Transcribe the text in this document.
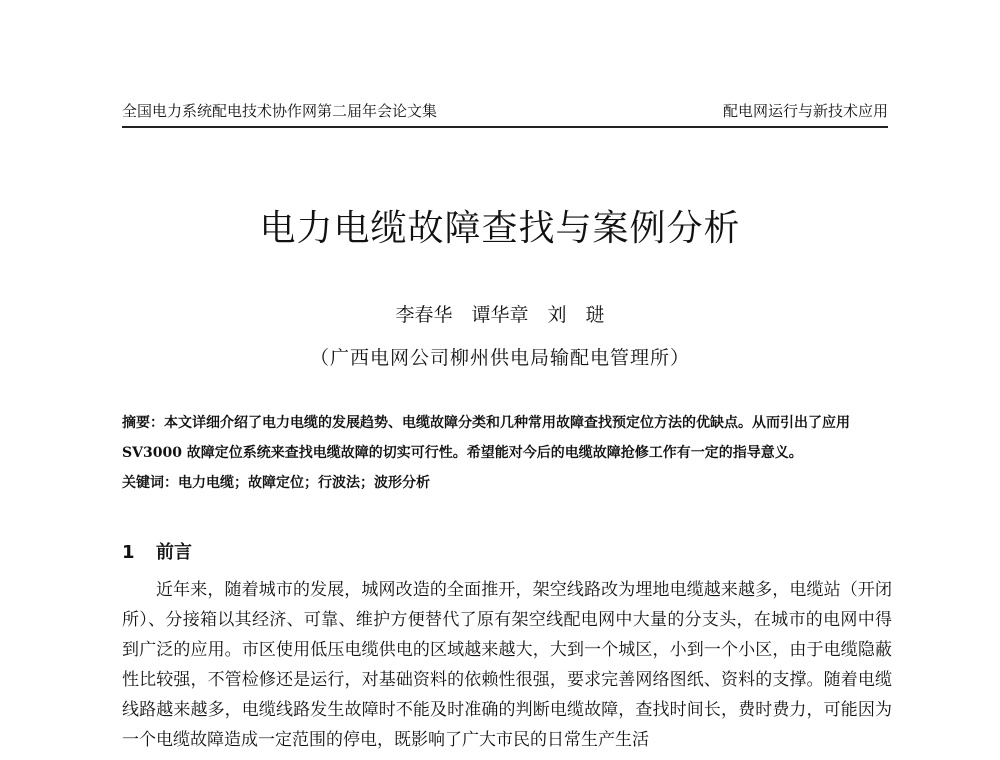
全国电力系统配电技术协作网第二届年会论文集	配电网运行与新技术应用
电力电缆故障查找与案例分析
李春华　谭华章　刘　琎
（广西电网公司柳州供电局输配电管理所）

摘要：本文详细介绍了电力电缆的发展趋势、电缆故障分类和几种常用故障查找预定位方法的优缺点。从而引出了应用 SV3000 故障定位系统来查找电缆故障的切实可行性。希望能对今后的电缆故障抢修工作有一定的指导意义。

关键词：电力电缆；故障定位；行波法；波形分析

1 前言

近年来，随着城市的发展，城网改造的全面推开，架空线路改为埋地电缆越来越多，电缆站（开闭所）、分接箱以其经济、可靠、维护方便替代了原有架空线配电网中大量的分支头，在城市的电网中得到广泛的应用。市区使用低压电缆供电的区域越来越大，大到一个城区，小到一个小区，由于电缆隐蔽性比较强，不管检修还是运行，对基础资料的依赖性很强，要求完善网络图纸、资料的支撑。随着电缆线路越来越多，电缆线路发生故障时不能及时准确的判断电缆故障，查找时间长，费时费力，可能因为一个电缆故障造成一定范围的停电，既影响了广大市民的日常生产生活
